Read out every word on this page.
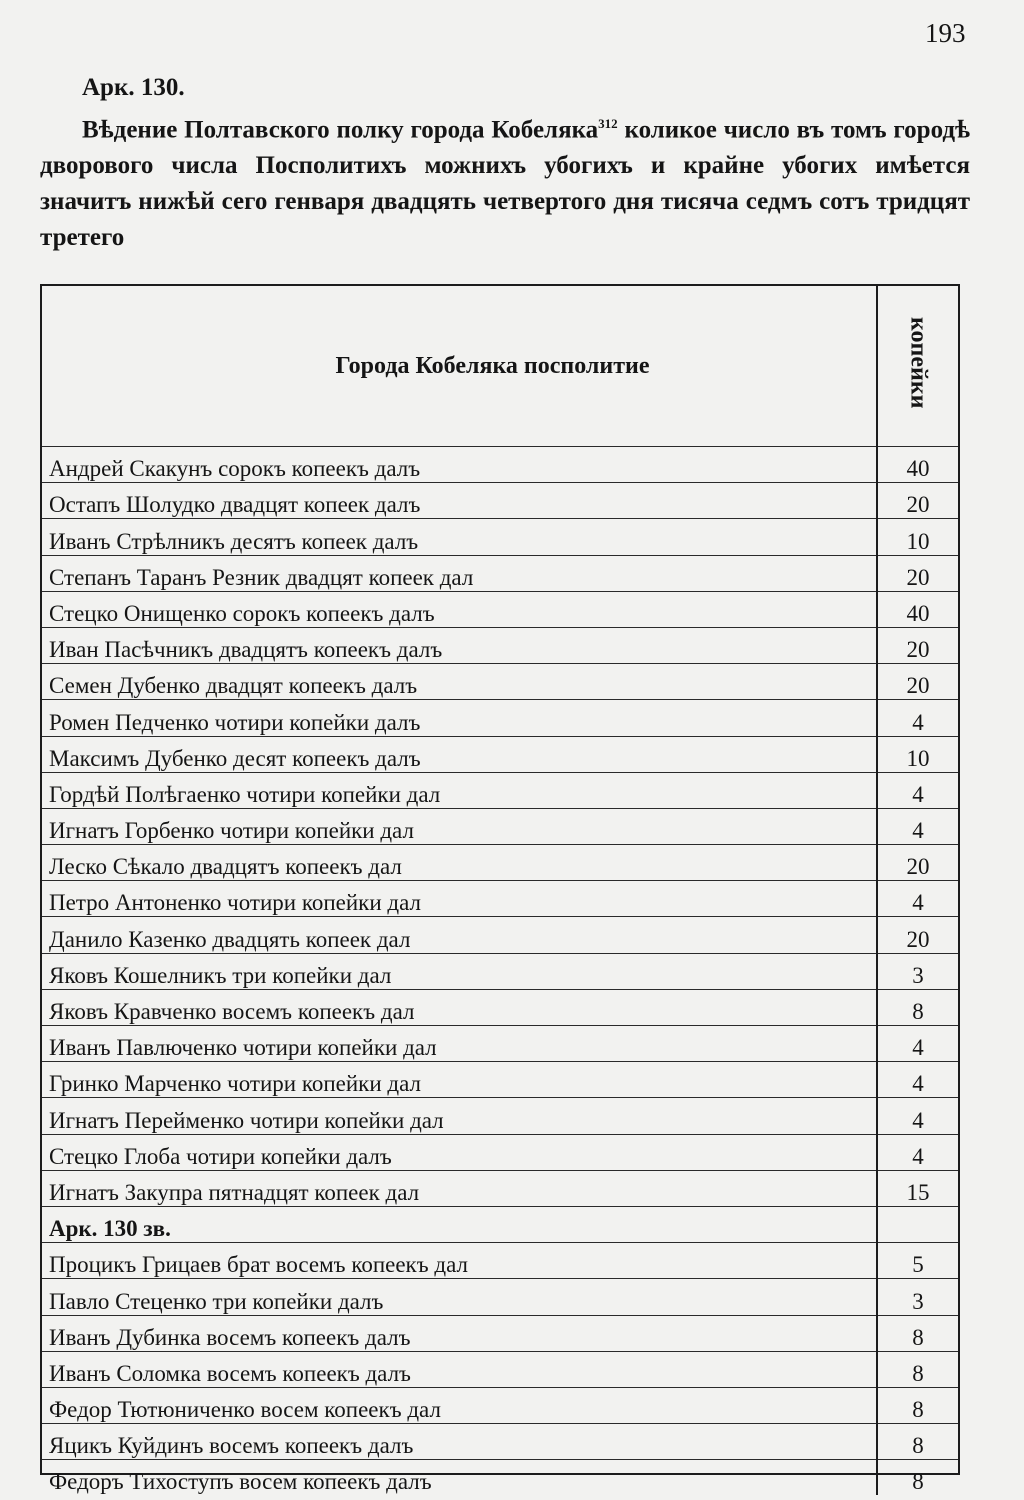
193
Арк. 130.
Вѣдение Полтавского полку города Кобеляка$^{312}$ коликое число въ томъ городѣ дворового числа Посполитихъ можнихъ убогихъ и крайне убогих имѣется значитъ нижѣй сего генваря двадцять четвертого дня тисяча седмъ сотъ тридцят третего
Города Кобеляка посполитие	копейки
Андрей Скакунъ сорокъ копеекъ далъ	40
Остапъ Шолудко двадцят копеек далъ	20
Иванъ Стрѣлникъ десятъ копеек далъ	10
Степанъ Таранъ Резник двадцят копеек дал	20
Стецко Онищенко сорокъ копеекъ далъ	40
Иван Пасѣчникъ двадцятъ копеекъ далъ	20
Семен Дубенко двадцят копеекъ далъ	20
Ромен Педченко чотири копейки далъ	4
Максимъ Дубенко десят копеекъ далъ	10
Гордѣй Полѣгаенко чотири копейки дал	4
Игнатъ Горбенко чотири копейки дал	4
Леско Сѣкало двадцятъ копеекъ дал	20
Петро Антоненко чотири копейки дал	4
Данило Казенко двадцять копеек дал	20
Яковъ Кошелникъ три копейки дал	3
Яковъ Кравченко восемъ копеекъ дал	8
Иванъ Павлюченко чотири копейки дал	4
Гринко Марченко чотири копейки дал	4
Игнатъ Перейменко чотири копейки дал	4
Стецко Глоба чотири копейки далъ	4
Игнатъ Закупра пятнадцят копеек дал	15
Арк. 130 зв.	
Процикъ Грицаев брат восемъ копеекъ дал	5
Павло Стеценко три копейки далъ	3
Иванъ Дубинка восемъ копеекъ далъ	8
Иванъ Соломка восемъ копеекъ далъ	8
Федор Тютюниченко восем копеекъ дал	8
Яцикъ Куйдинъ восемъ копеекъ далъ	8
Федоръ Тихоступъ восем копеекъ далъ	8
